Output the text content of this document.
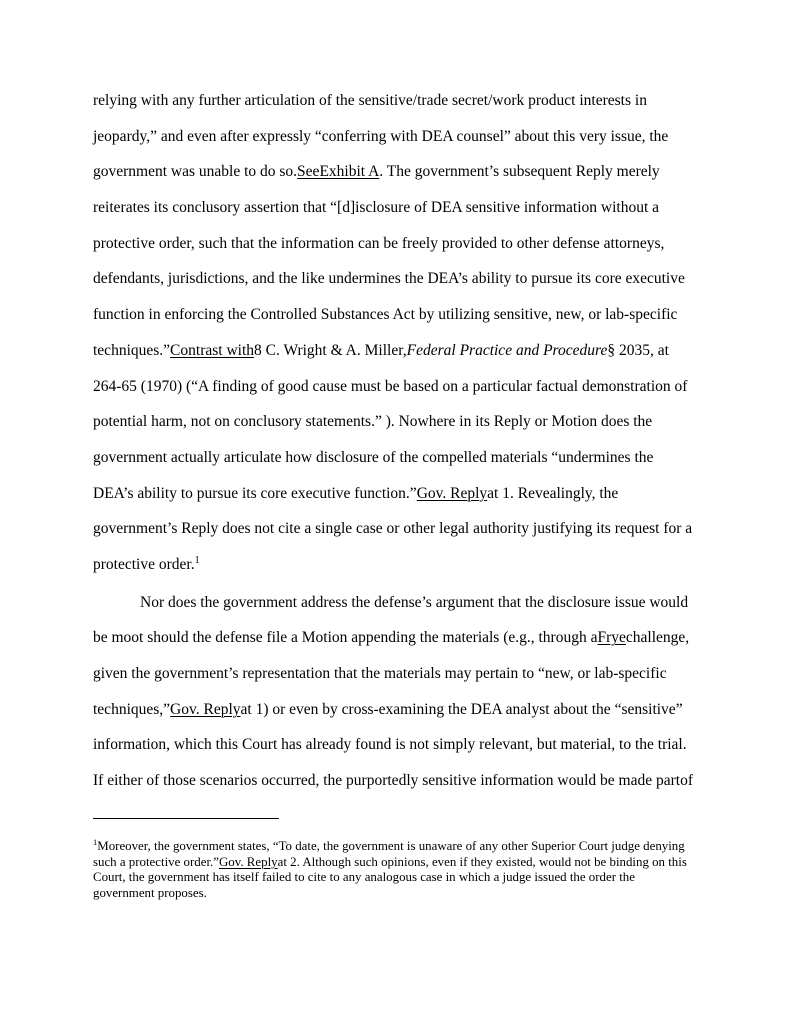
relying with any further articulation of the sensitive/trade secret/work product interests in
jeopardy,” and even after expressly “conferring with DEA counsel” about this very issue, the
government was unable to do so.SeeExhibit A. The government’s subsequent Reply merely
reiterates its conclusory assertion that “[d]isclosure of DEA sensitive information without a
protective order, such that the information can be freely provided to other defense attorneys,
defendants, jurisdictions, and the like undermines the DEA’s ability to pursue its core executive
function in enforcing the Controlled Substances Act by utilizing sensitive, new, or lab-specific
techniques.”Contrast with8 C. Wright & A. Miller,Federal Practice and Procedure§ 2035, at
264-65 (1970) (“A finding of good cause must be based on a particular factual demonstration of
potential harm, not on conclusory statements.” ). Nowhere in its Reply or Motion does the
government actually articulate how disclosure of the compelled materials “undermines the
DEA’s ability to pursue its core executive function.”Gov. Replyat 1. Revealingly, the
government’s Reply does not cite a single case or other legal authority justifying its request for a
protective order.$^1$
Nor does the government address the defense’s argument that the disclosure issue would
be moot should the defense file a Motion appending the materials (e.g., through aFryechallenge,
given the government’s representation that the materials may pertain to “new, or lab-specific
techniques,”Gov. Replyat 1) or even by cross-examining the DEA analyst about the “sensitive”
information, which this Court has already found is not simply relevant, but material, to the trial.
If either of those scenarios occurred, the purportedly sensitive information would be made partof
$^1$Moreover, the government states, “To date, the government is unaware of any other Superior Court judge denying
such a protective order.”Gov. Replyat 2. Although such opinions, even if they existed, would not be binding on this
Court, the government has itself failed to cite to any analogous case in which a judge issued the order the
government proposes.
